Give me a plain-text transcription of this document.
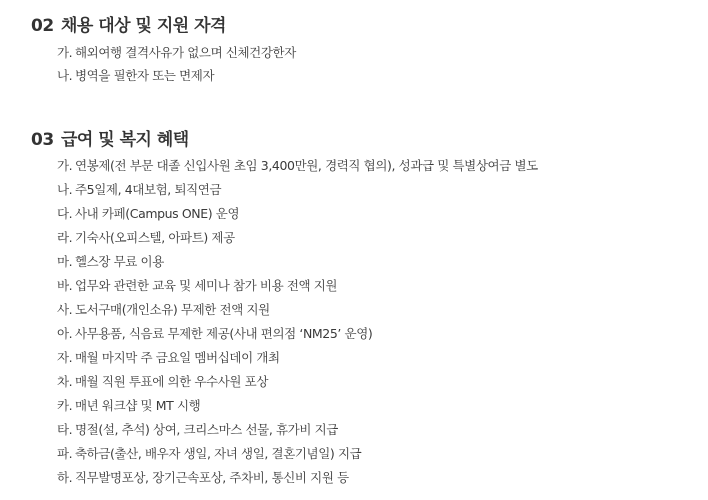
02 채용 대상 및 지원 자격
가. 해외여행 결격사유가 없으며 신체건강한자
나. 병역을 필한자 또는 면제자
03 급여 및 복지 혜택
가. 연봉제(전 부문 대졸 신입사원 초임 3,400만원, 경력직 협의), 성과급 및 특별상여금 별도
나. 주5일제, 4대보험, 퇴직연금
다. 사내 카페(Campus ONE) 운영
라. 기숙사(오피스텔, 아파트) 제공
마. 헬스장 무료 이용
바. 업무와 관련한 교육 및 세미나 참가 비용 전액 지원
사. 도서구매(개인소유) 무제한 전액 지원
아. 사무용품, 식음료 무제한 제공(사내 편의점 ‘NM25’ 운영)
자. 매월 마지막 주 금요일 멤버십데이 개최
차. 매월 직원 투표에 의한 우수사원 포상
카. 매년 워크샵 및 MT 시행
타. 명절(설, 추석) 상여, 크리스마스 선물, 휴가비 지급
파. 축하금(출산, 배우자 생일, 자녀 생일, 결혼기념일) 지급
하. 직무발명포상, 장기근속포상, 주차비, 통신비 지원 등
